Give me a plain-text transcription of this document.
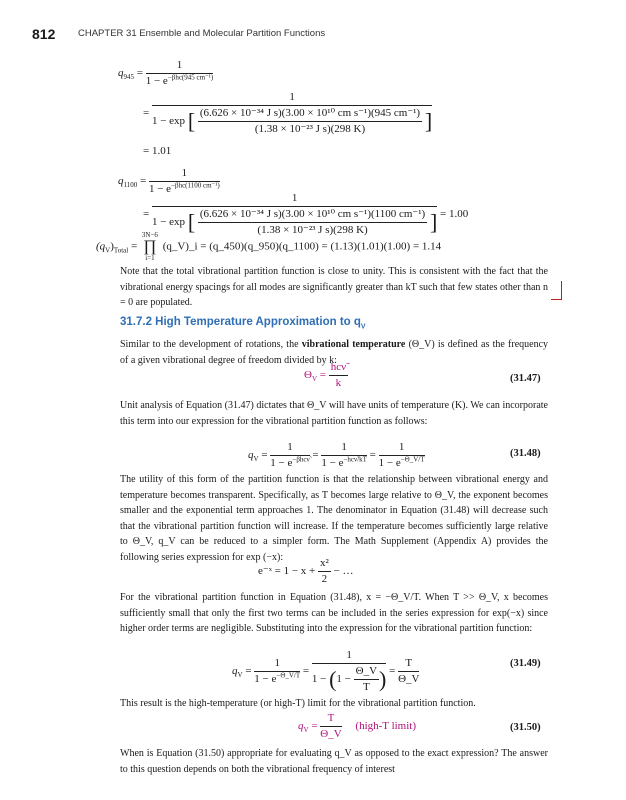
812 CHAPTER 31 Ensemble and Molecular Partition Functions
$q_{945} = \frac{1}{1 - e^{-\beta hc(945 cm^{-1})}}$
=
1
1 − exp [ $\frac{\text{(6.626 × 10⁻³⁴ J s)(3.00 × 10¹⁰ cm s⁻¹)(945 cm⁻¹)}}{\text{(1.38 × 10⁻²³ J s)(298 K)}}$ ]
= 1.01
$q_{1100} = \frac{1}{1 - e^{-\beta hc(1100 cm^{-1})}}$
=
1
1 − exp [ $\frac{\text{(6.626 × 10⁻³⁴ J s)(3.00 × 10¹⁰ cm s⁻¹)(1100 cm⁻¹)}}{\text{(1.38 × 10⁻²³ J s)(298 K)}}$ ] = 1.00
$(q_V)_{Total}$ =
3N−6
∏
i=1
(q_V)_i = (q_450)(q_950)(q_1100) = (1.13)(1.01)(1.00) = 1.14
Note that the total vibrational partition function is close to unity. This is consistent with the fact that the vibrational energy spacings for all modes are significantly greater than kT such that few states other than n = 0 are populated.
31.7.2 High Temperature Approximation to $q_V$
Similar to the development of rotations, the vibrational temperature (Θ_V) is defined as the frequency of a given vibrational degree of freedom divided by k:
$\Theta_V = \frac{\text{hcν̃}}{k}$	(31.47)
Unit analysis of Equation (31.47) dictates that Θ_V will have units of temperature (K). We can incorporate this term into our expression for the vibrational partition function as follows:
$q_V = \frac{1}{1 - e^{-\beta hc\nũ}} = \frac{1}{1 - e^{-hc\nũ/kT}} = \frac{1}{1 - e^{-\Theta\_V/T}}$	(31.48)
The utility of this form of the partition function is that the relationship between vibrational energy and temperature becomes transparent. Specifically, as T becomes large relative to Θ_V, the exponent becomes smaller and the exponential term approaches 1. The denominator in Equation (31.48) will decrease such that the vibrational partition function will increase. If the temperature becomes sufficiently large relative to Θ_V, q_V can be reduced to a simpler form. The Math Supplement (Appendix A) provides the following series expression for exp (−x):
e⁻ˣ = $1 - x + \frac{\text{x²}}{2}$ − …
For the vibrational partition function in Equation (31.48), x = −Θ_V/T. When T >> Θ_V, x becomes sufficiently small that only the first two terms can be included in the series expression for exp(−x) since higher order terms are negligible. Substituting into the expression for the vibrational partition function:
$q_V = \frac{1}{1 - e^{-\Theta\_V/T}} = \frac{1}{1 - (1 - \frac{\Theta\_V}{T} )} = \frac{T}{\Theta\_V}$	(31.49)
This result is the high-temperature (or high-T) limit for the vibrational partition function.
$q_V = \frac{T}{\Theta\_V}$ (high-T limit)	(31.50)
When is Equation (31.50) appropriate for evaluating q_V as opposed to the exact expression? The answer to this question depends on both the vibrational frequency of interest
